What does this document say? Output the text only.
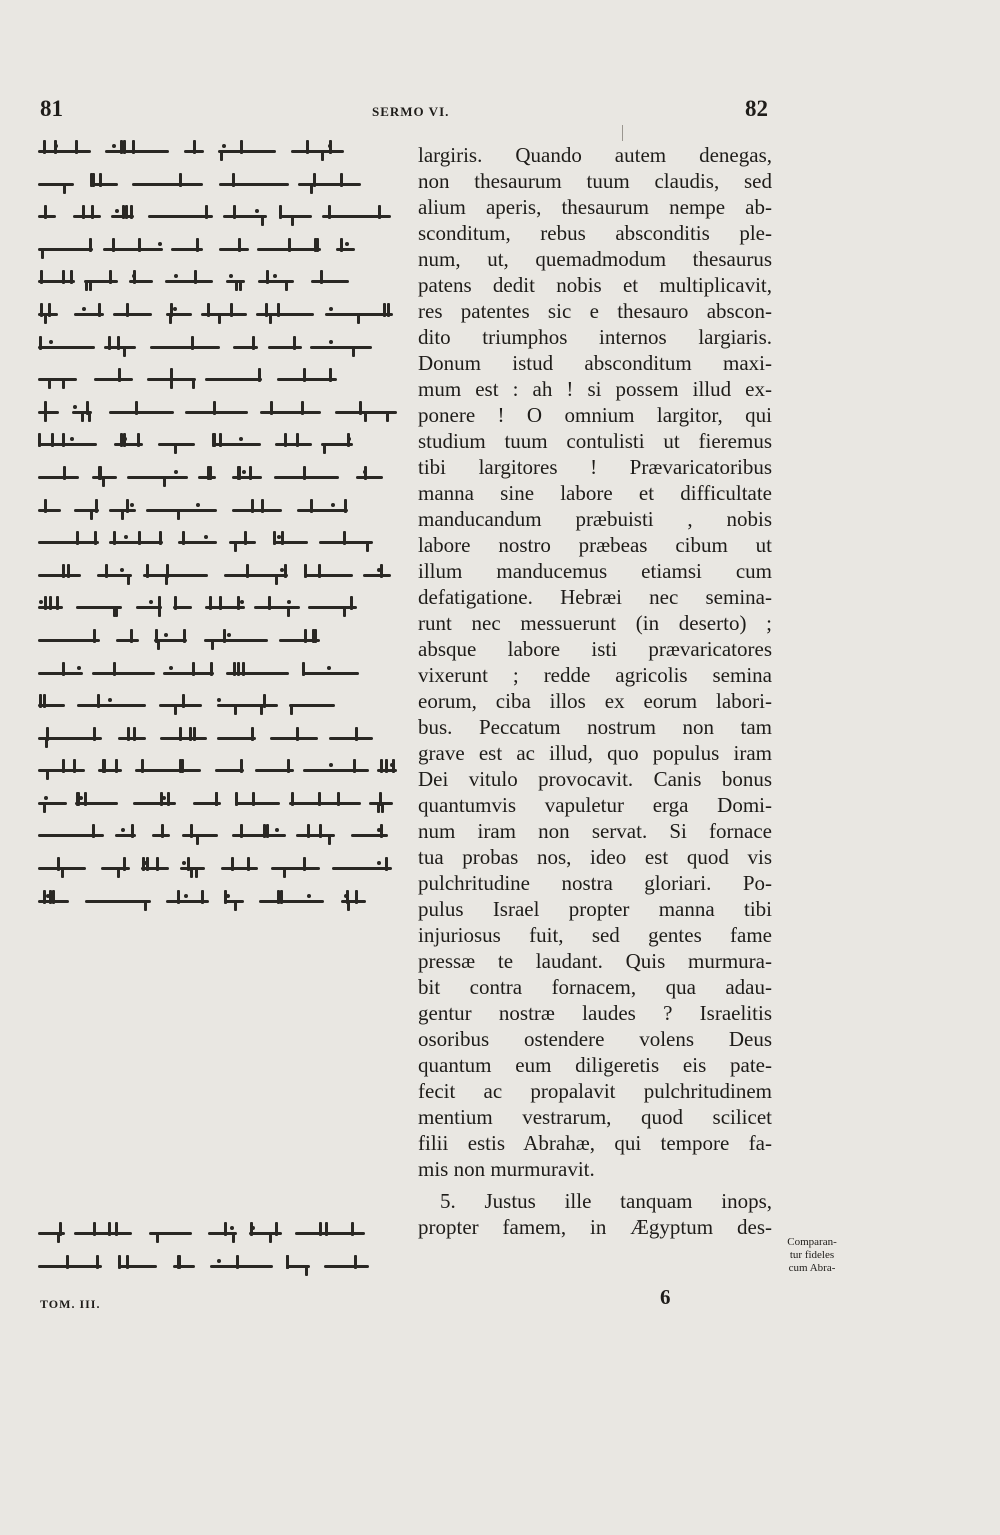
81	SERMO VI.	82
TOM. III.
largiris. Quando autem denegas,
non thesaurum tuum claudis, sed
alium aperis, thesaurum nempe ab-
sconditum, rebus absconditis ple-
num, ut, quemadmodum thesaurus
patens dedit nobis et multiplicavit,
res patentes sic e thesauro abscon-
dito triumphos internos largiaris.
Donum istud absconditum maxi-
mum est : ah ! si possem illud ex-
ponere ! O omnium largitor, qui
studium tuum contulisti ut fieremus
tibi largitores ! Prævaricatoribus
manna sine labore et difficultate
manducandum præbuisti , nobis
labore nostro præbeas cibum ut
illum manducemus etiamsi cum
defatigatione. Hebræi nec semina-
runt nec messuerunt (in deserto) ;
absque labore isti prævaricatores
vixerunt ; redde agricolis semina
eorum, ciba illos ex eorum labori-
bus. Peccatum nostrum non tam
grave est ac illud, quo populus iram
Dei vitulo provocavit. Canis bonus
quantumvis vapuletur erga Domi-
num iram non servat. Si fornace
tua probas nos, ideo est quod vis
pulchritudine nostra gloriari. Po-
pulus Israel propter manna tibi
injuriosus fuit, sed gentes fame
pressæ te laudant. Quis murmura-
bit contra fornacem, qua adau-
gentur nostræ laudes ? Israelitis
osoribus ostendere volens Deus
quantum eum diligeretis eis pate-
fecit ac propalavit pulchritudinem
mentium vestrarum, quod scilicet
filii estis Abrahæ, qui tempore fa-
mis non murmuravit.
5. Justus ille tanquam inops,
propter famem, in Ægyptum des-
Comparan-
tur fideles
cum Abra-
6
